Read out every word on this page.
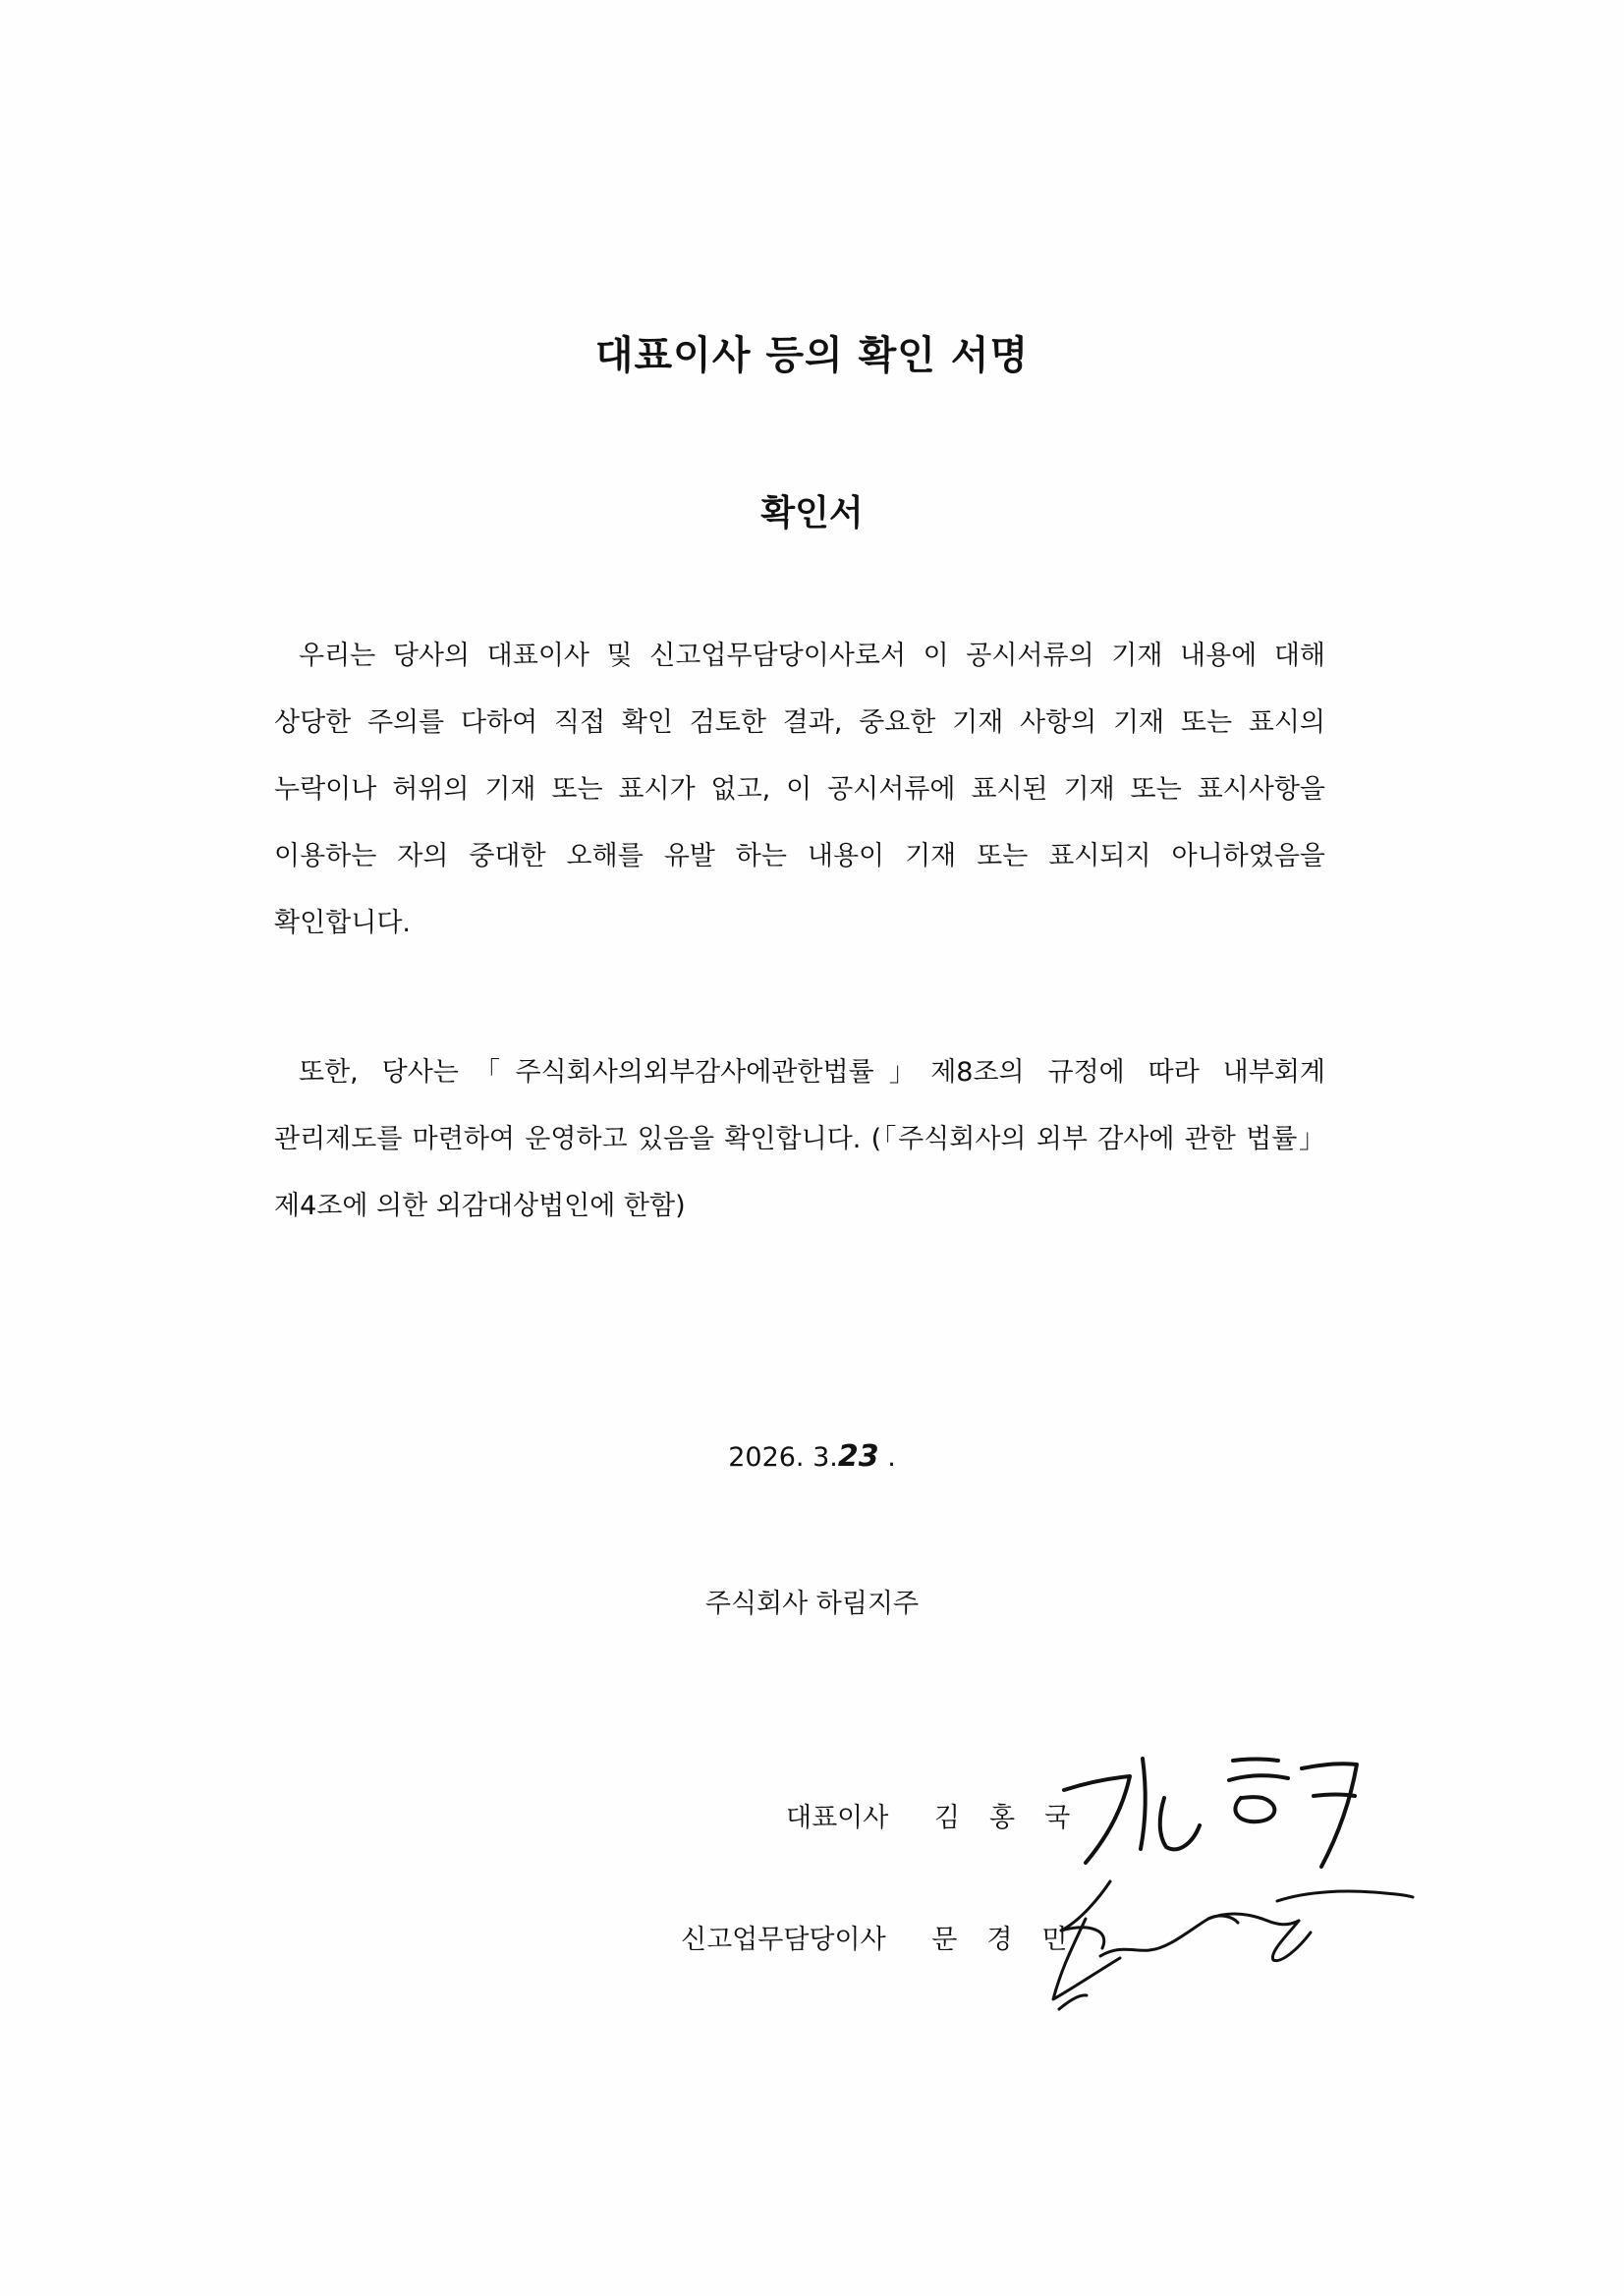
대표이사 등의 확인 서명
확인서

우리는 당사의 대표이사 및 신고업무담당이사로서 이 공시서류의 기재 내용에 대해 상당한 주의를 다하여 직접 확인 검토한 결과, 중요한 기재 사항의 기재 또는 표시의 누락이나 허위의 기재 또는 표시가 없고, 이 공시서류에 표시된 기재 또는 표시사항을 이용하는 자의 중대한 오해를 유발 하는 내용이 기재 또는 표시되지 아니하였음을 확인합니다.

또한, 당사는「주식회사의외부감사에관한법률」제8조의 규정에 따라 내부회계 관리제도를 마련하여 운영하고 있음을 확인합니다. (「주식회사의 외부 감사에 관한 법률」 제4조에 의한 외감대상법인에 한함)

2026. 3.23 .
주식회사 하림지주
대표이사 김홍국
신고업무담당이사 문경민
